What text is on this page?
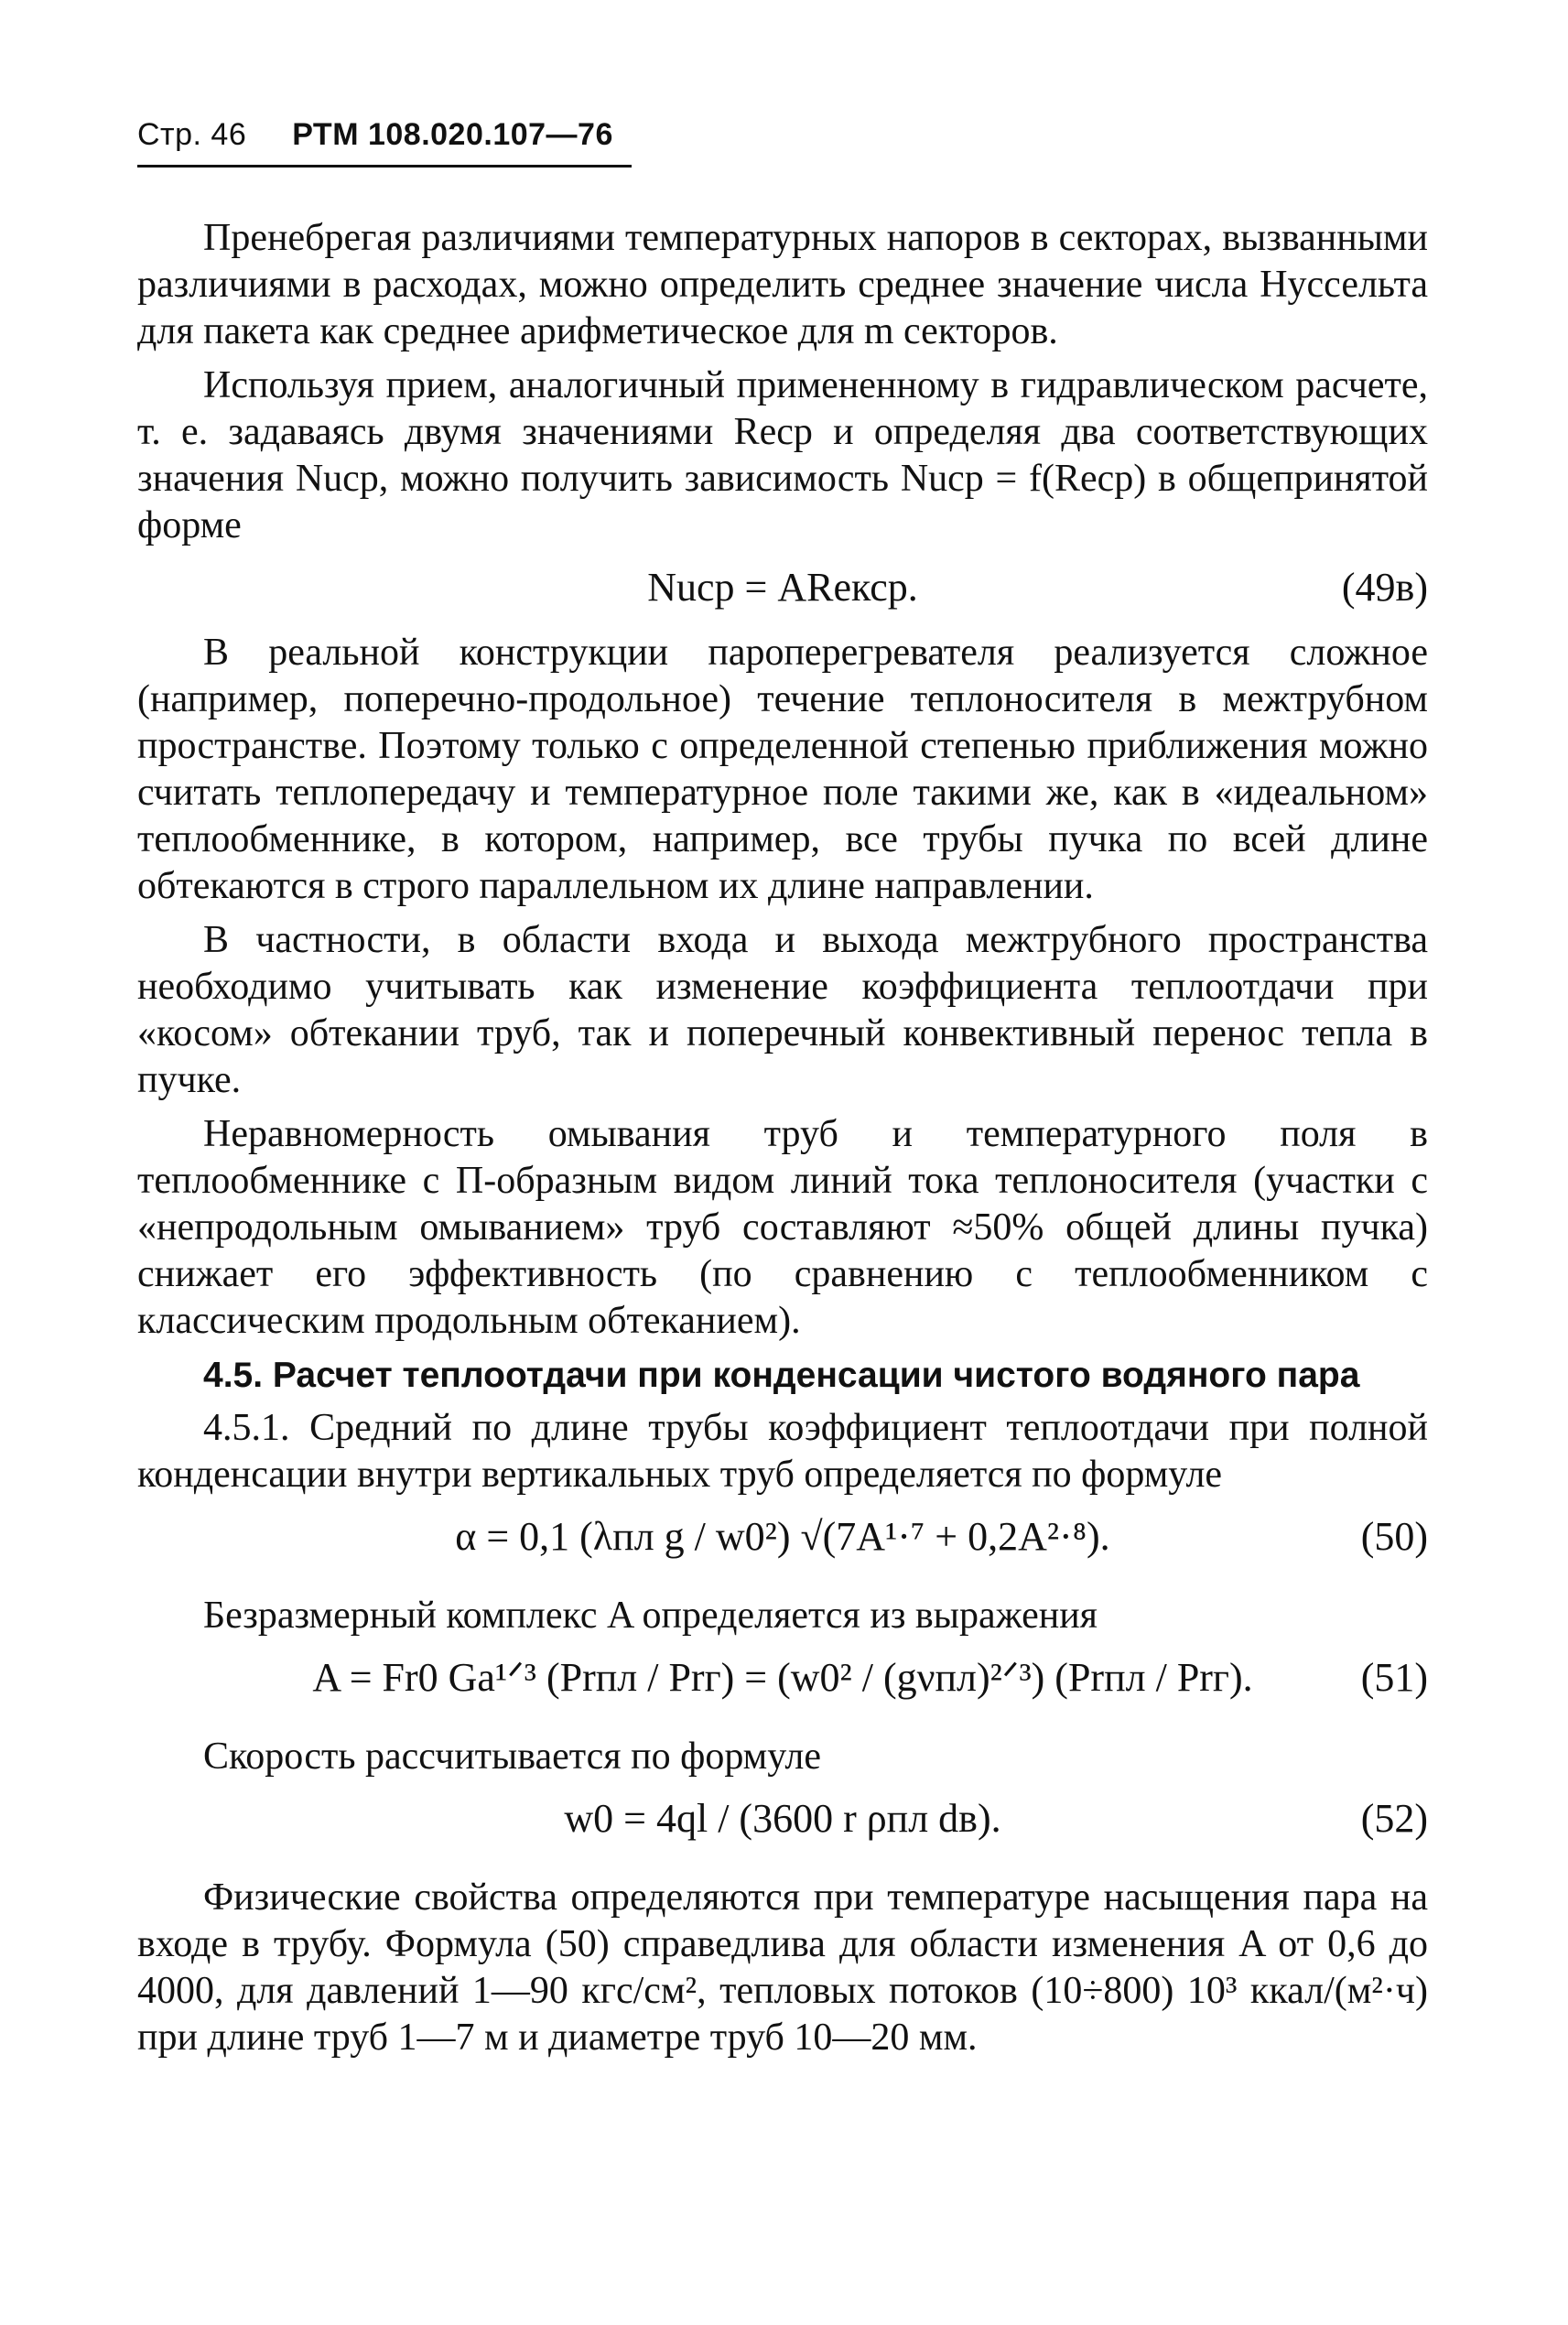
Стр. 46 РТМ 108.020.107—76

Пренебрегая различиями температурных напоров в секторах, вызванными различиями в расходах, можно определить среднее значение числа Нуссельта для пакета как среднее арифметическое для m секторов.

Используя прием, аналогичный примененному в гидравлическом расчете, т. е. задаваясь двумя значениями Reср и определяя два соответствующих значения Nuср, можно получить зависимость Nuср = f(Reср) в общепринятой форме

Nuср = AReкср.	(49в)

В реальной конструкции пароперегревателя реализуется сложное (например, поперечно-продольное) течение теплоносителя в межтрубном пространстве. Поэтому только с определенной степенью приближения можно считать теплопередачу и температурное поле такими же, как в «идеальном» теплообменнике, в котором, например, все трубы пучка по всей длине обтекаются в строго параллельном их длине направлении.

В частности, в области входа и выхода межтрубного пространства необходимо учитывать как изменение коэффициента теплоотдачи при «косом» обтекании труб, так и поперечный конвективный перенос тепла в пучке.

Неравномерность омывания труб и температурного поля в теплообменнике с П-образным видом линий тока теплоносителя (участки с «непродольным омыванием» труб составляют ≈50% общей длины пучка) снижает его эффективность (по сравнению с теплообменником с классическим продольным обтеканием).

4.5. Расчет теплоотдачи при конденсации чистого водяного пара

4.5.1. Средний по длине трубы коэффициент теплоотдачи при полной конденсации внутри вертикальных труб определяется по формуле

α = 0,1 (λпл g / w0²) √(7A¹·⁷ + 0,2A²·⁸).	(50)

Безразмерный комплекс A определяется из выражения

A = Fr0 Ga¹ᐟ³ (Prпл / Prг) = (w0² / (gνпл)²ᐟ³) (Prпл / Prг).	(51)

Скорость рассчитывается по формуле

w0 = 4ql / (3600 r ρпл dв).	(52)

Физические свойства определяются при температуре насыщения пара на входе в трубу. Формула (50) справедлива для области изменения A от 0,6 до 4000, для давлений 1—90 кгс/см², тепловых потоков (10÷800) 10³ ккал/(м²·ч) при длине труб 1—7 м и диаметре труб 10—20 мм.
